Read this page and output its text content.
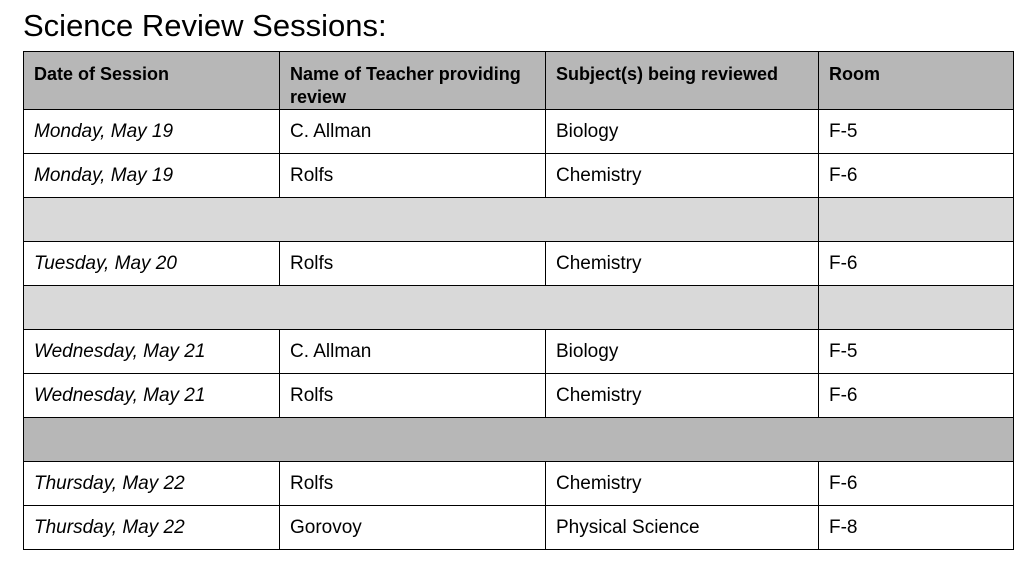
Science Review Sessions:
Date of Session	Name of Teacher providing review	Subject(s) being reviewed	Room
Monday, May 19	C. Allman	Biology	F-5
Monday, May 19	Rolfs	Chemistry	F-6

Tuesday, May 20	Rolfs	Chemistry	F-6

Wednesday, May 21	C. Allman	Biology	F-5
Wednesday, May 21	Rolfs	Chemistry	F-6

Thursday, May 22	Rolfs	Chemistry	F-6
Thursday, May 22	Gorovoy	Physical Science	F-8
